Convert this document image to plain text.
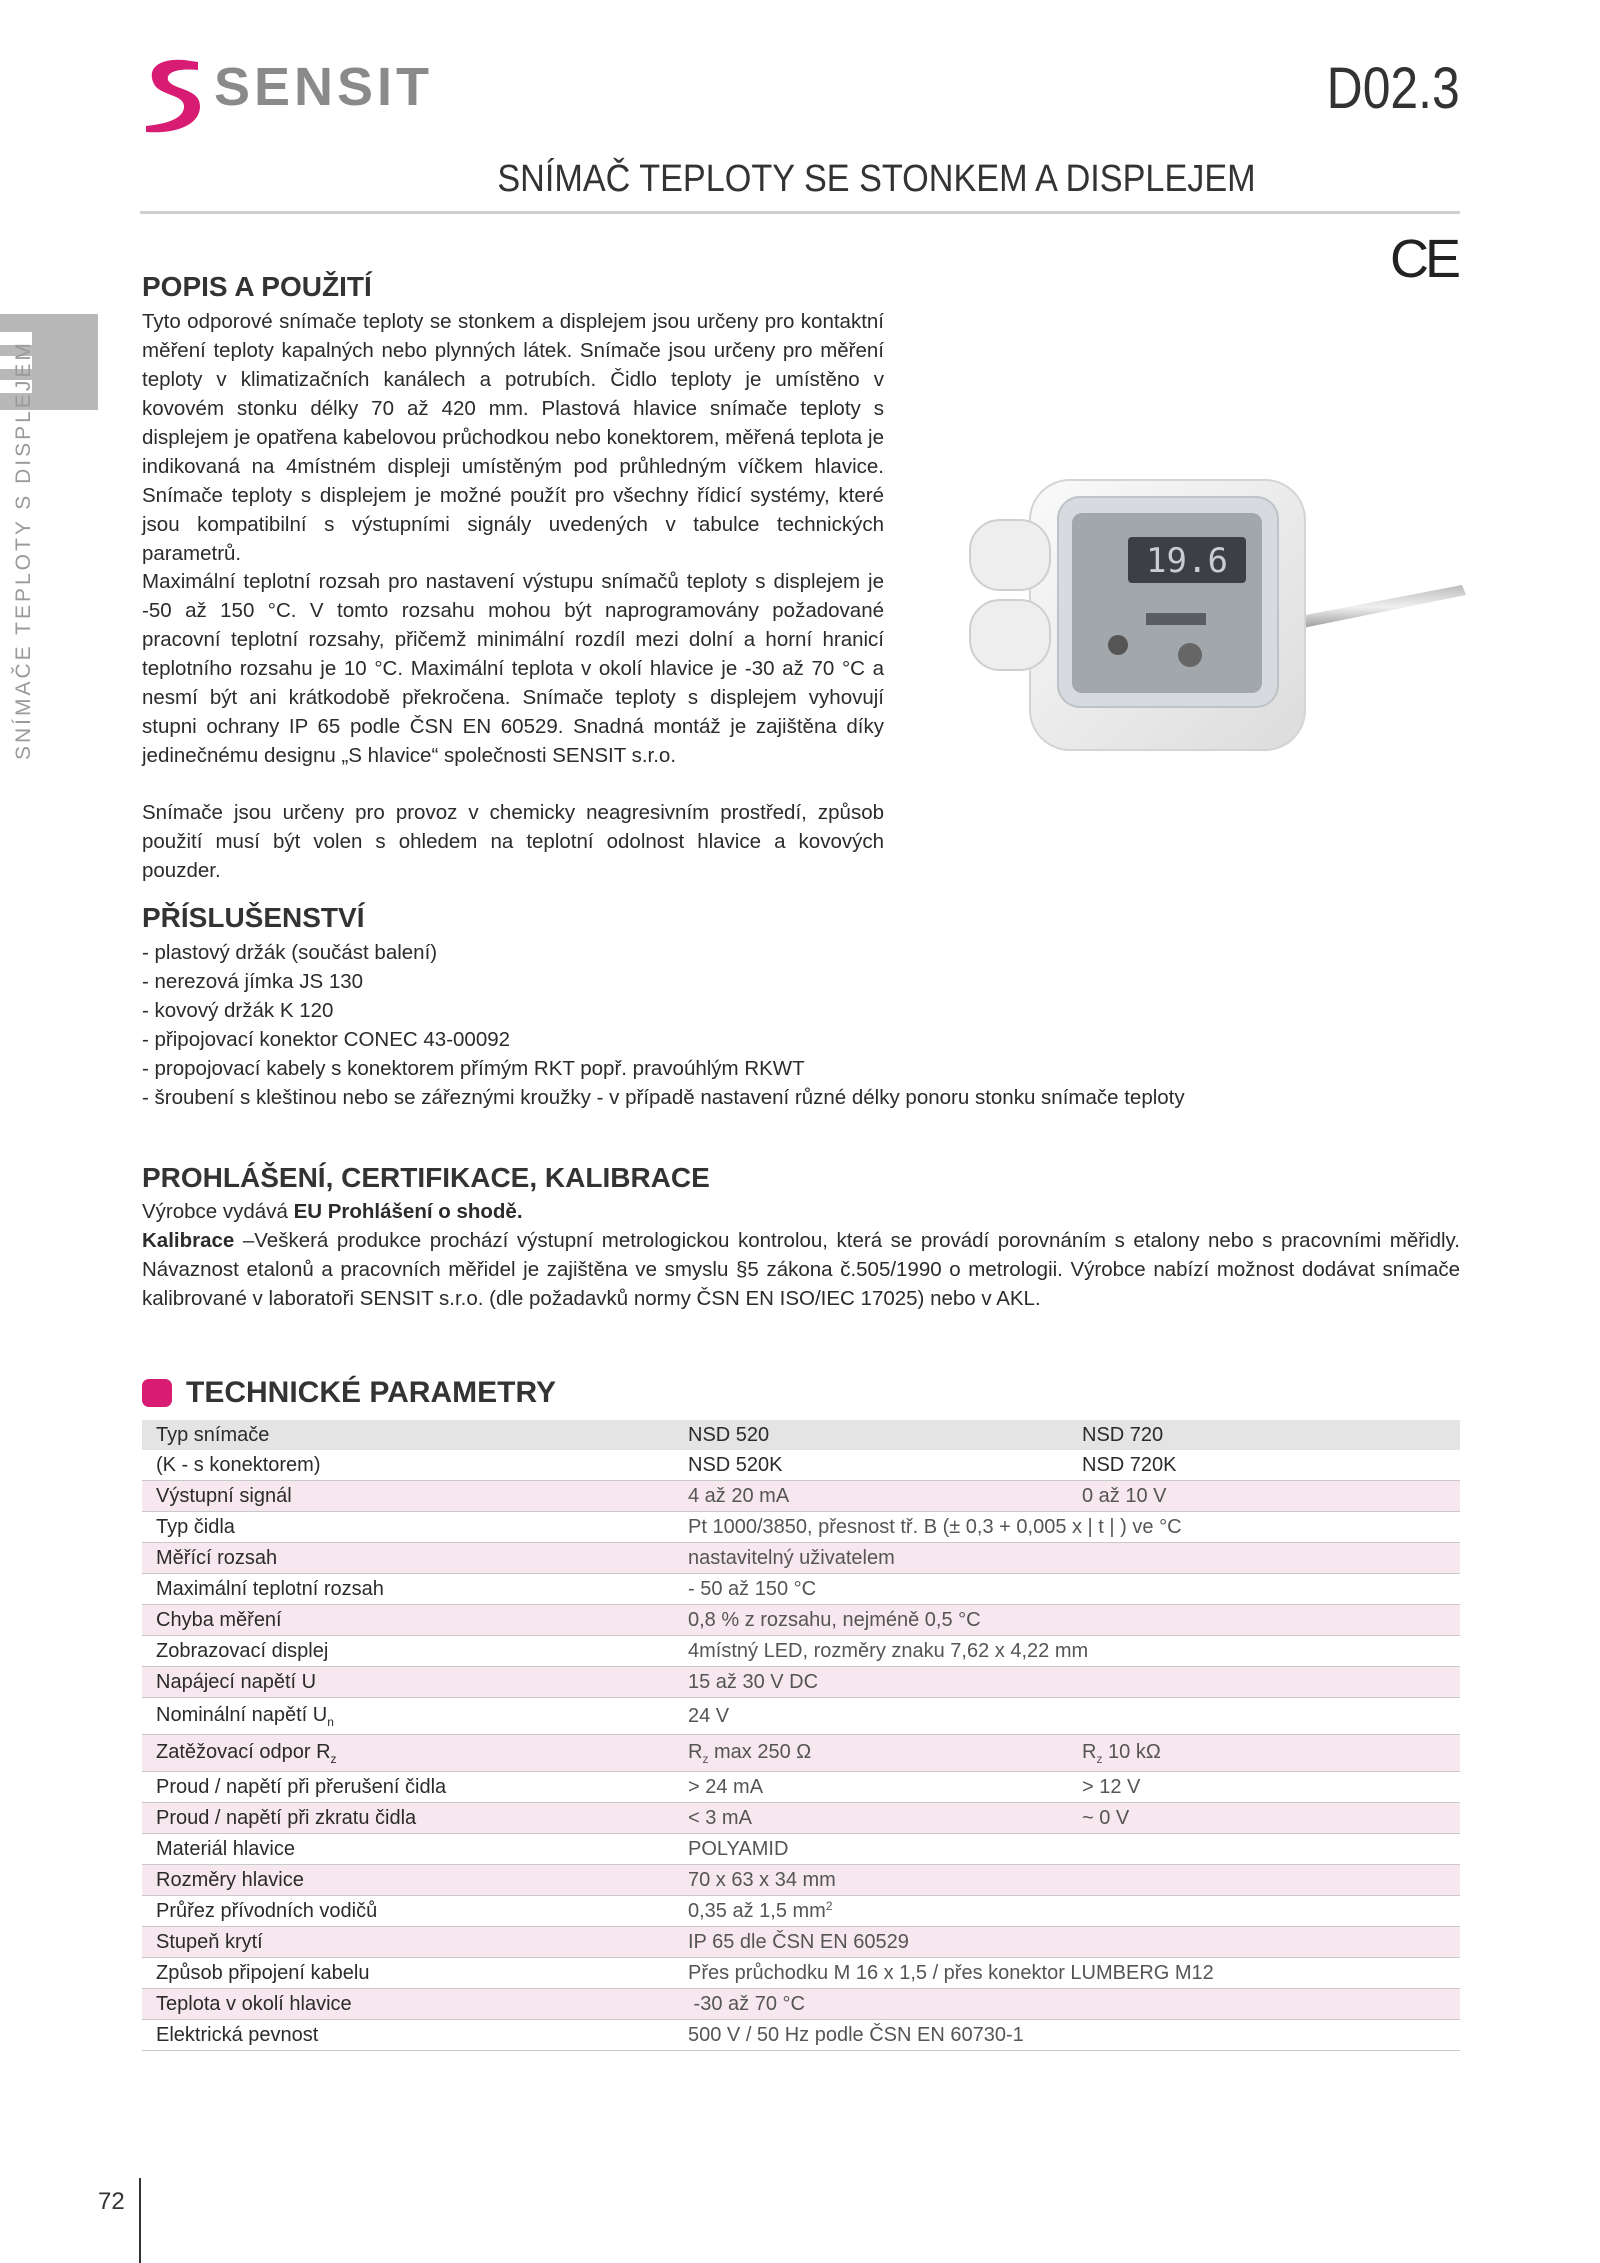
SENSIT	D02.3
SNÍMAČ TEPLOTY SE STONKEM A DISPLEJEM
CE
SNÍMAČE TEPLOTY S DISPLEJEM
POPIS A POUŽITÍ
Tyto odporové snímače teploty se stonkem a displejem jsou určeny pro kontaktní měření teploty kapalných nebo plynných látek. Snímače jsou určeny pro měření teploty v klimatizačních kanálech a potrubích. Čidlo teploty je umístěno v kovovém stonku délky 70 až 420 mm. Plastová hlavice snímače teploty s displejem je opatřena kabelovou průchodkou nebo konektorem, měřená teplota je indikovaná na 4místném displeji umístěným pod průhledným víčkem hlavice. Snímače teploty s displejem je možné použít pro všechny řídicí systémy, které jsou kompatibilní s výstupními signály uvedených v tabulce technických parametrů.
Maximální teplotní rozsah pro nastavení výstupu snímačů teploty s displejem je -50 až 150 °C. V tomto rozsahu mohou být naprogramovány požadované pracovní teplotní rozsahy, přičemž minimální rozdíl mezi dolní a horní hranicí teplotního rozsahu je 10 °C. Maximální teplota v okolí hlavice je -30 až 70 °C a nesmí být ani krátkodobě překročena. Snímače teploty s displejem vyhovují stupni ochrany IP 65 podle ČSN EN 60529. Snadná montáž je zajištěna díky jedinečnému designu „S hlavice“ společnosti SENSIT s.r.o.
Snímače jsou určeny pro provoz v chemicky neagresivním prostředí, způsob použití musí být volen s ohledem na teplotní odolnost hlavice a kovových pouzder.
19.6
PŘÍSLUŠENSTVÍ
- plastový držák (součást balení)
- nerezová jímka JS 130
- kovový držák K 120
- připojovací konektor CONEC 43-00092
- propojovací kabely s konektorem přímým RKT popř. pravoúhlým RKWT
- šroubení s kleštinou nebo se zářeznými kroužky - v případě nastavení různé délky ponoru stonku snímače teploty
PROHLÁŠENÍ, CERTIFIKACE, KALIBRACE
Výrobce vydává EU Prohlášení o shodě.
Kalibrace –Veškerá produkce prochází výstupní metrologickou kontrolou, která se provádí porovnáním s etalony nebo s pracovními měřidly. Návaznost etalonů a pracovních měřidel je zajištěna ve smyslu §5 zákona č.505/1990 o metrologii. Výrobce nabízí možnost dodávat snímače kalibrované v laboratoři SENSIT s.r.o. (dle požadavků normy ČSN EN ISO/IEC 17025) nebo v AKL.
TECHNICKÉ PARAMETRY
Typ snímače	NSD 520	NSD 720
(K - s konektorem)	NSD 520K	NSD 720K
Výstupní signál	4 až 20 mA	0 až 10 V
Typ čidla	Pt 1000/3850, přesnost tř. B (± 0,3 + 0,005 x | t | ) ve °C	
Měřící rozsah	nastavitelný uživatelem	
Maximální teplotní rozsah	- 50 až 150 °C	
Chyba měření	0,8 % z rozsahu, nejméně 0,5 °C	
Zobrazovací displej	4místný LED, rozměry znaku 7,62 x 4,22 mm	
Napájecí napětí U	15 až 30 V DC	
Nominální napětí $U_n$	24 V	
Zatěžovací odpor $R_z$	$R_z$ max 250 Ω	$R_z$ 10 kΩ
Proud / napětí při přerušení čidla	> 24 mA	> 12 V
Proud / napětí při zkratu čidla	< 3 mA	~ 0 V
Materiál hlavice	POLYAMID	
Rozměry hlavice	70 x 63 x 34 mm	
Průřez přívodních vodičů	0,35 až 1,5 $mm^2$
Stupeň krytí	IP 65 dle ČSN EN 60529	
Způsob připojení kabelu	Přes průchodku M 16 x 1,5 / přes konektor LUMBERG M12	
Teplota v okolí hlavice	-30 až 70 °C	
Elektrická pevnost	500 V / 50 Hz podle ČSN EN 60730-1	
72
